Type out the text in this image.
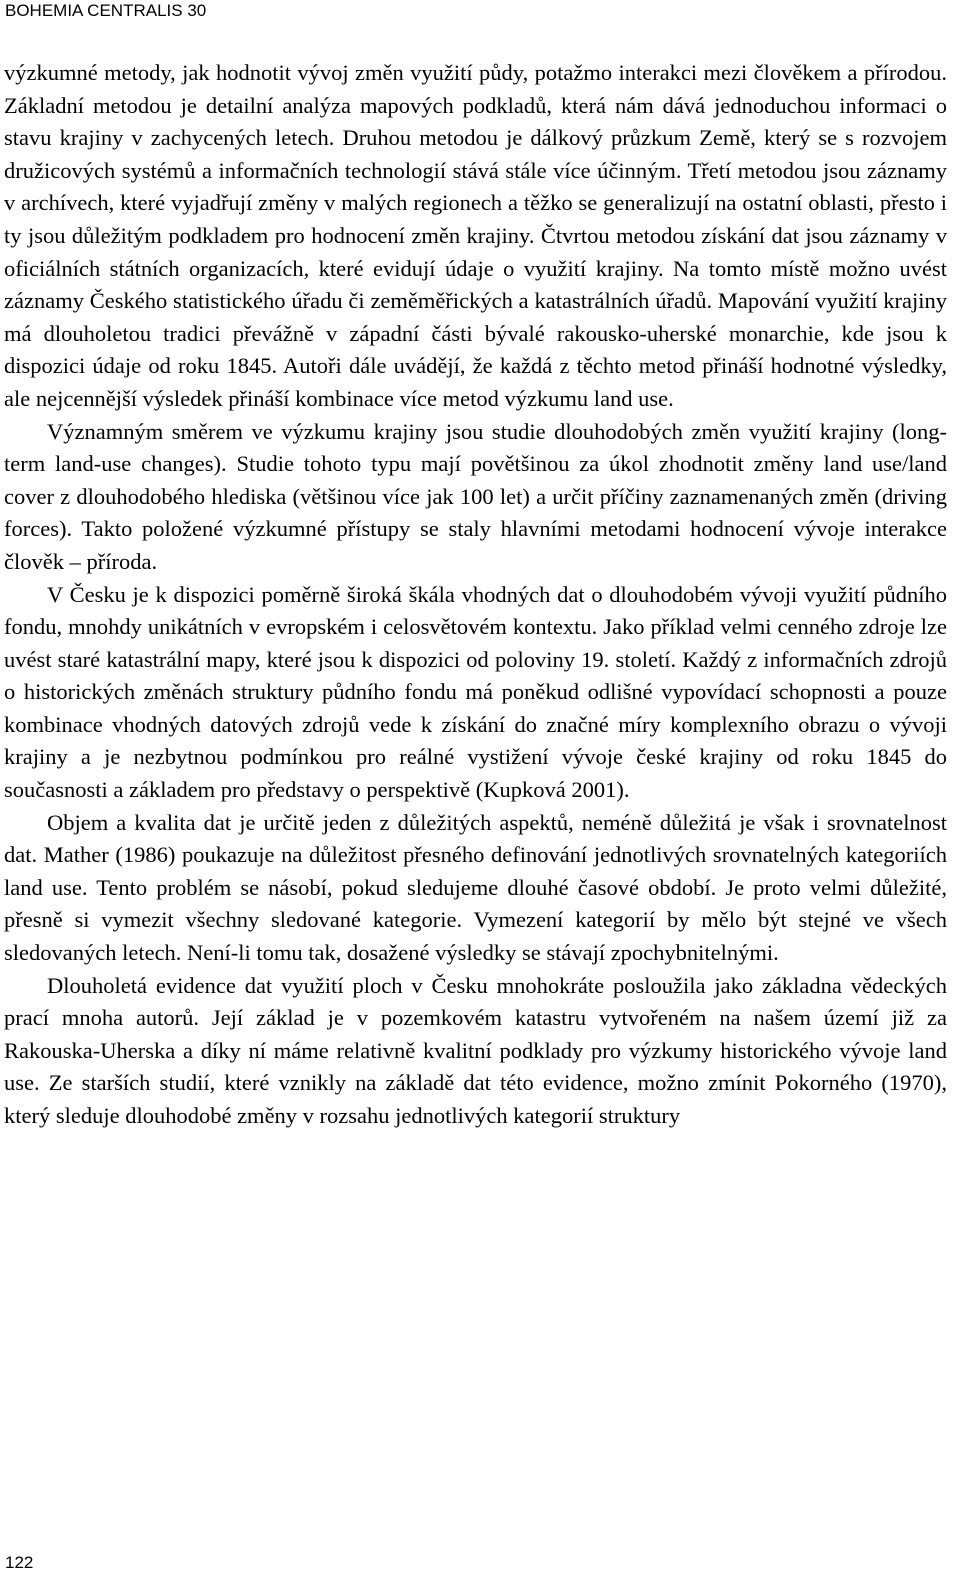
BOHEMIA CENTRALIS 30

výzkumné metody, jak hodnotit vývoj změn využití půdy, potažmo interakci mezi člověkem a přírodou. Základní metodou je detailní analýza mapových podkladů, která nám dává jednoduchou informaci o stavu krajiny v zachycených letech. Druhou metodou je dálkový průzkum Země, který se s rozvojem družicových systémů a informačních technologií stává stále více účinným. Třetí metodou jsou záznamy v archívech, které vyjadřují změny v malých regionech a těžko se generalizují na ostatní oblasti, přesto i ty jsou důležitým podkladem pro hodnocení změn krajiny. Čtvrtou metodou získání dat jsou záznamy v oficiálních státních organizacích, které evidují údaje o využití krajiny. Na tomto místě možno uvést záznamy Českého statistického úřadu či zeměměřických a katastrálních úřadů. Mapování využití krajiny má dlouholetou tradici převážně v západní části bývalé rakousko-uherské monarchie, kde jsou k dispozici údaje od roku 1845. Autoři dále uvádějí, že každá z těchto metod přináší hodnotné výsledky, ale nejcennější výsledek přináší kombinace více metod výzkumu land use.

Významným směrem ve výzkumu krajiny jsou studie dlouhodobých změn využití krajiny (long-term land-use changes). Studie tohoto typu mají povětšinou za úkol zhodnotit změny land use/land cover z dlouhodobého hlediska (většinou více jak 100 let) a určit příčiny zaznamenaných změn (driving forces). Takto položené výzkumné přístupy se staly hlavními metodami hodnocení vývoje interakce člověk – příroda.

V Česku je k dispozici poměrně široká škála vhodných dat o dlouhodobém vývoji využití půdního fondu, mnohdy unikátních v evropském i celosvětovém kontextu. Jako příklad velmi cenného zdroje lze uvést staré katastrální mapy, které jsou k dispozici od poloviny 19. století. Každý z informačních zdrojů o historických změnách struktury půdního fondu má poněkud odlišné vypovídací schopnosti a pouze kombinace vhodných datových zdrojů vede k získání do značné míry komplexního obrazu o vývoji krajiny a je nezbytnou podmínkou pro reálné vystižení vývoje české krajiny od roku 1845 do současnosti a základem pro představy o perspektivě (Kupková 2001).

Objem a kvalita dat je určitě jeden z důležitých aspektů, neméně důležitá je však i srovnatelnost dat. Mather (1986) poukazuje na důležitost přesného definování jednotlivých srovnatelných kategoriích land use. Tento problém se násobí, pokud sledujeme dlouhé časové období. Je proto velmi důležité, přesně si vymezit všechny sledované kategorie. Vymezení kategorií by mělo být stejné ve všech sledovaných letech. Není-li tomu tak, dosažené výsledky se stávají zpochybnitelnými.

Dlouholetá evidence dat využití ploch v Česku mnohokráte posloužila jako základna vědeckých prací mnoha autorů. Její základ je v pozemkovém katastru vytvořeném na našem území již za Rakouska-Uherska a díky ní máme relativně kvalitní podklady pro výzkumy historického vývoje land use. Ze starších studií, které vznikly na základě dat této evidence, možno zmínit Pokorného (1970), který sleduje dlouhodobé změny v rozsahu jednotlivých kategorií struktury

122
